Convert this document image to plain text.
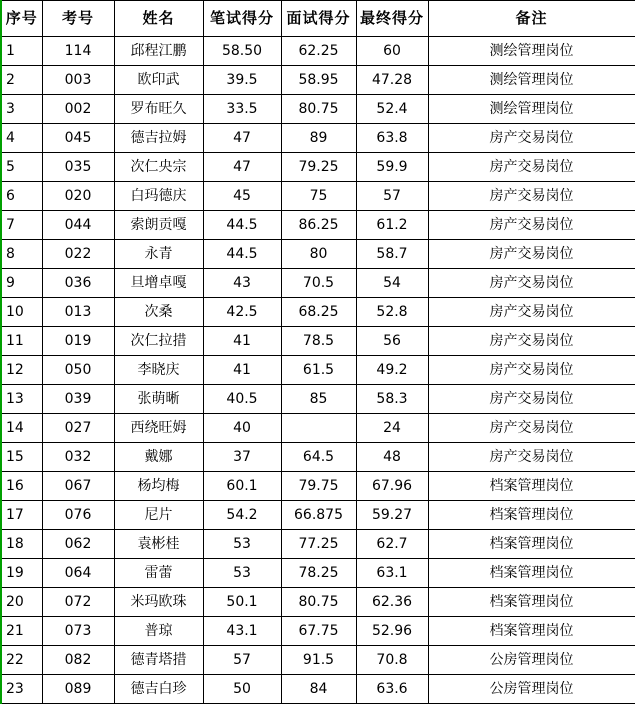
序号	考号	姓名	笔试得分	面试得分	最终得分	备注
1	114	邱程江鹏	58.50	62.25	60	测绘管理岗位
2	003	欧印武	39.5	58.95	47.28	测绘管理岗位
3	002	罗布旺久	33.5	80.75	52.4	测绘管理岗位
4	045	德吉拉姆	47	89	63.8	房产交易岗位
5	035	次仁央宗	47	79.25	59.9	房产交易岗位
6	020	白玛德庆	45	75	57	房产交易岗位
7	044	索朗贡嘎	44.5	86.25	61.2	房产交易岗位
8	022	永青	44.5	80	58.7	房产交易岗位
9	036	旦增卓嘎	43	70.5	54	房产交易岗位
10	013	次桑	42.5	68.25	52.8	房产交易岗位
11	019	次仁拉措	41	78.5	56	房产交易岗位
12	050	李晓庆	41	61.5	49.2	房产交易岗位
13	039	张萌晰	40.5	85	58.3	房产交易岗位
14	027	西绕旺姆	40		24	房产交易岗位
15	032	戴娜	37	64.5	48	房产交易岗位
16	067	杨均梅	60.1	79.75	67.96	档案管理岗位
17	076	尼片	54.2	66.875	59.27	档案管理岗位
18	062	袁彬桂	53	77.25	62.7	档案管理岗位
19	064	雷蕾	53	78.25	63.1	档案管理岗位
20	072	米玛欧珠	50.1	80.75	62.36	档案管理岗位
21	073	普琼	43.1	67.75	52.96	档案管理岗位
22	082	德青塔措	57	91.5	70.8	公房管理岗位
23	089	德吉白珍	50	84	63.6	公房管理岗位
